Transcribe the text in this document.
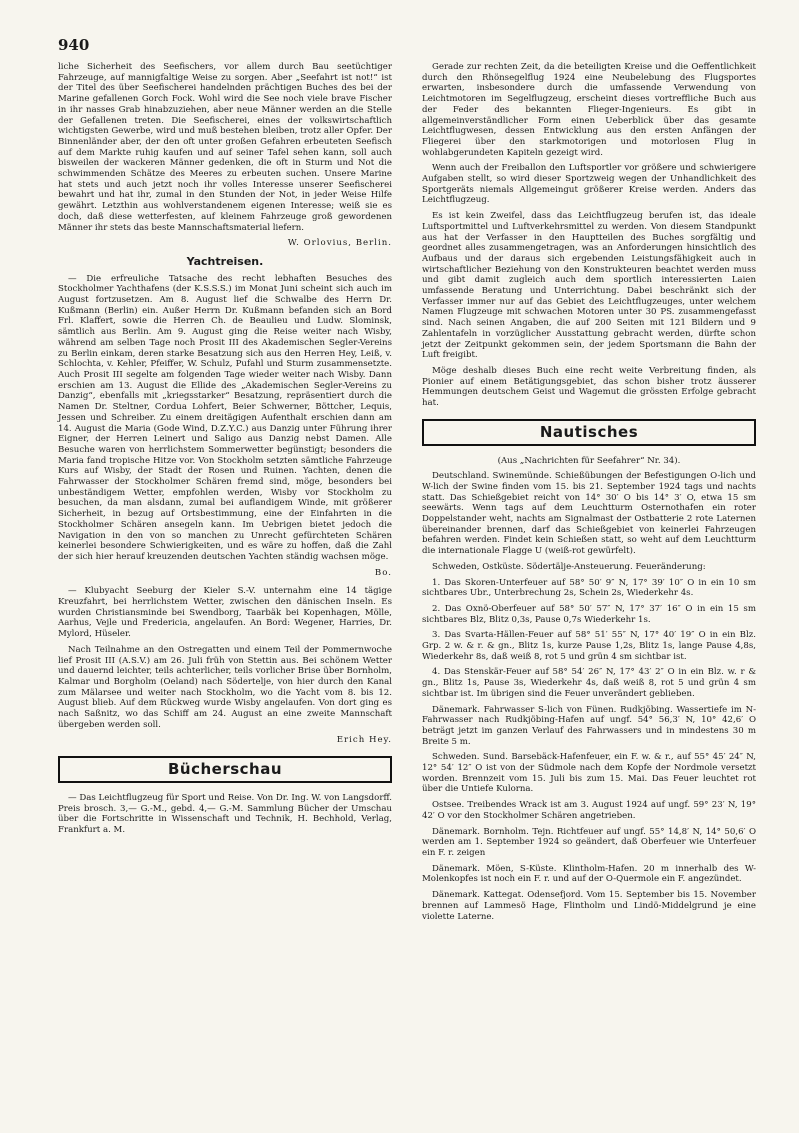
940

liche Sicherheit des Seefischers, vor allem durch Bau seetüchtiger Fahrzeuge, auf mannigfaltige Weise zu sorgen. Aber „Seefahrt ist not!“ ist der Titel des über Seefischerei handelnden prächtigen Buches des bei der Marine gefallenen Gorch Fock. Wohl wird die See noch viele brave Fischer in ihr nasses Grab hinabzuziehen, aber neue Männer werden an die Stelle der Gefallenen treten. Die Seefischerei, eines der volkswirtschaftlich wichtigsten Gewerbe, wird und muß bestehen bleiben, trotz aller Opfer. Der Binnenländer aber, der den oft unter großen Gefahren erbeuteten Seefisch auf dem Markte ruhig kaufen und auf seiner Tafel sehen kann, soll auch bisweilen der wackeren Männer gedenken, die oft in Sturm und Not die schwimmenden Schätze des Meeres zu erbeuten suchen. Unsere Marine hat stets und auch jetzt noch ihr volles Interesse unserer Seefischerei bewahrt und hat ihr, zumal in den Stunden der Not, in jeder Weise Hilfe gewährt. Letzthin aus wohlverstandenem eigenen Interesse; weiß sie es doch, daß diese wetterfesten, auf kleinem Fahrzeuge groß gewordenen Männer ihr stets das beste Mannschaftsmaterial liefern.

W. Orlovius, Berlin.

Yachtreisen.

— Die erfreuliche Tatsache des recht lebhaften Besuches des Stockholmer Yachthafens (der K.S.S.S.) im Monat Juni scheint sich auch im August fortzusetzen. Am 8. August lief die Schwalbe des Herrn Dr. Kußmann (Berlin) ein. Außer Herrn Dr. Kußmann befanden sich an Bord Frl. Klaffert, sowie die Herren Ch. de Beaulieu und Ludw. Slominsk, sämtlich aus Berlin. Am 9. August ging die Reise weiter nach Wisby, während am selben Tage noch Prosit III des Akademischen Segler-Vereins zu Berlin einkam, deren starke Besatzung sich aus den Herren Hey, Leiß, v. Schlochta, v. Kehler, Pfeiffer, W. Schulz, Pufahl und Sturm zusammensetzte. Auch Prosit III segelte am folgenden Tage wieder weiter nach Wisby. Dann erschien am 13. August die Ellide des „Akademischen Segler-Vereins zu Danzig“, ebenfalls mit „kriegsstarker“ Besatzung, repräsentiert durch die Namen Dr. Steltner, Cordua Lohfert, Beier Schwerner, Böttcher, Lequis, Jessen und Schreiber. Zu einem dreitägigen Aufenthalt erschien dann am 14. August die Maria (Gode Wind, D.Z.Y.C.) aus Danzig unter Führung ihrer Eigner, der Herren Leinert und Saligo aus Danzig nebst Damen. Alle Besuche waren von herrlichstem Sommerwetter begünstigt; besonders die Maria fand tropische Hitze vor. Von Stockholm setzten sämtliche Fahrzeuge Kurs auf Wisby, der Stadt der Rosen und Ruinen. Yachten, denen die Fahrwasser der Stockholmer Schären fremd sind, möge, besonders bei unbeständigem Wetter, empfohlen werden, Wisby vor Stockholm zu besuchen, da man alsdann, zumal bei auflandigem Winde, mit größerer Sicherheit, in bezug auf Ortsbestimmung, eine der Einfahrten in die Stockholmer Schären ansegeln kann. Im Uebrigen bietet jedoch die Navigation in den von so manchen zu Unrecht gefürchteten Schären keinerlei besondere Schwierigkeiten, und es wäre zu hoffen, daß die Zahl der sich hier herauf kreuzenden deutschen Yachten ständig wachsen möge.

Bo.

— Klubyacht Seeburg der Kieler S.-V. unternahm eine 14 tägige Kreuzfahrt, bei herrlichstem Wetter, zwischen den dänischen Inseln. Es wurden Christiansminde bei Swendborg, Taarbäk bei Kopenhagen, Mölle, Aarhus, Vejle und Fredericia, angelaufen. An Bord: Wegener, Harries, Dr. Mylord, Hüseler.

Nach Teilnahme an den Ostregatten und einem Teil der Pommernwoche lief Prosit III (A.S.V.) am 26. Juli früh von Stettin aus. Bei schönem Wetter und dauernd leichter, teils achterlicher, teils vorlicher Brise über Bornholm, Kalmar und Borgholm (Oeland) nach Södertelje, von hier durch den Kanal zum Mälarsee und weiter nach Stockholm, wo die Yacht vom 8. bis 12. August blieb. Auf dem Rückweg wurde Wisby angelaufen. Von dort ging es nach Saßnitz, wo das Schiff am 24. August an eine zweite Mannschaft übergeben werden soll.

Erich Hey.

Bücherschau

— Das Leichtflugzeug für Sport und Reise. Von Dr. Ing. W. von Langsdorff. Preis brosch. 3,— G.-M., gebd. 4,— G.-M. Sammlung Bücher der Umschau über die Fortschritte in Wissenschaft und Technik, H. Bechhold, Verlag, Frankfurt a. M.

Gerade zur rechten Zeit, da die beteiligten Kreise und die Oeffentlichkeit durch den Rhönsegelflug 1924 eine Neubelebung des Flugsportes erwarten, insbesondere durch die umfassende Verwendung von Leichtmotoren im Segelflugzeug, erscheint dieses vortreffliche Buch aus der Feder des bekannten Flieger-Ingenieurs. Es gibt in allgemeinverständlicher Form einen Ueberblick über das gesamte Leichtflugwesen, dessen Entwicklung aus den ersten Anfängen der Fliegerei über den starkmotorigen und motorlosen Flug in wohlabgerundeten Kapiteln gezeigt wird.

Wenn auch der Freiballon den Luftsportler vor größere und schwierigere Aufgaben stellt, so wird dieser Sportzweig wegen der Unhandlichkeit des Sportgeräts niemals Allgemeingut größerer Kreise werden. Anders das Leichtflugzeug.

Es ist kein Zweifel, dass das Leichtflugzeug berufen ist, das ideale Luftsportmittel und Luftverkehrsmittel zu werden. Von diesem Standpunkt aus hat der Verfasser in den Hauptteilen des Buches sorgfältig und geordnet alles zusammengetragen, was an Anforderungen hinsichtlich des Aufbaus und der daraus sich ergebenden Leistungsfähigkeit auch in wirtschaftlicher Beziehung von den Konstrukteuren beachtet werden muss und gibt damit zugleich auch dem sportlich interessierten Laien umfassende Beratung und Unterrichtung. Dabei beschränkt sich der Verfasser immer nur auf das Gebiet des Leichtflugzeuges, unter welchem Namen Flugzeuge mit schwachen Motoren unter 30 PS. zusammengefasst sind. Nach seinen Angaben, die auf 200 Seiten mit 121 Bildern und 9 Zahlentafeln in vorzüglicher Ausstattung gebracht werden, dürfte schon jetzt der Zeitpunkt gekommen sein, der jedem Sportsmann die Bahn der Luft freigibt.

Möge deshalb dieses Buch eine recht weite Verbreitung finden, als Pionier auf einem Betätigungsgebiet, das schon bisher trotz äusserer Hemmungen deutschem Geist und Wagemut die grössten Erfolge gebracht hat.

Nautisches

(Aus „Nachrichten für Seefahrer“ Nr. 34).

Deutschland. Swinemünde. Schießübungen der Befestigungen O-lich und W-lich der Swine finden vom 15. bis 21. September 1924 tags und nachts statt. Das Schießgebiet reicht von 14° 30′ O bis 14° 3′ O, etwa 15 sm seewärts. Wenn tags auf dem Leuchtturm Osternothafen ein roter Doppelstander weht, nachts am Signalmast der Ostbatterie 2 rote Laternen übereinander brennen, darf das Schießgebiet von keinerlei Fahrzeugen befahren werden. Findet kein Schießen statt, so weht auf dem Leuchtturm die internationale Flagge U (weiß-rot gewürfelt).

Schweden, Ostküste. Södertälje-Ansteuerung. Feueränderung:

1. Das Skoren-Unterfeuer auf 58° 50′ 9″ N, 17° 39′ 10″ O in ein 10 sm sichtbares Ubr., Unterbrechung 2s, Schein 2s, Wiederkehr 4s.

2. Das Oxnö-Oberfeuer auf 58° 50′ 57″ N, 17° 37′ 16″ O in ein 15 sm sichtbares Blz, Blitz 0,3s, Pause 0,7s Wiederkehr 1s.

3. Das Svarta-Hällen-Feuer auf 58° 51′ 55″ N, 17° 40′ 19″ O in ein Blz. Grp. 2 w. & r. & gn., Blitz 1s, kurze Pause 1,2s, Blitz 1s, lange Pause 4,8s, Wiederkehr 8s, daß weiß 8, rot 5 und grün 4 sm sichtbar ist.

4. Das Stenskär-Feuer auf 58° 54′ 26″ N, 17° 43′ 2″ O in ein Blz. w. r & gn., Blitz 1s, Pause 3s, Wiederkehr 4s, daß weiß 8, rot 5 und grün 4 sm sichtbar ist. Im übrigen sind die Feuer unverändert geblieben.

Dänemark. Fahrwasser S-lich von Fünen. Rudkjöbing. Wassertiefe im N-Fahrwasser nach Rudkjöbing-Hafen auf ungf. 54° 56,3′ N, 10° 42,6′ O beträgt jetzt im ganzen Verlauf des Fahrwassers und in mindestens 30 m Breite 5 m.

Schweden. Sund. Barsebäck-Hafenfeuer, ein F. w. & r., auf 55° 45′ 24″ N, 12° 54′ 12″ O ist von der Südmole nach dem Kopfe der Nordmole versetzt worden. Brennzeit vom 15. Juli bis zum 15. Mai. Das Feuer leuchtet rot über die Untiefe Kulorna.

Ostsee. Treibendes Wrack ist am 3. August 1924 auf ungf. 59° 23′ N, 19° 42′ O vor den Stockholmer Schären angetrieben.

Dänemark. Bornholm. Tejn. Richtfeuer auf ungf. 55° 14,8′ N, 14° 50,6′ O werden am 1. September 1924 so geändert, daß Oberfeuer wie Unterfeuer ein F. r. zeigen

Dänemark. Möen, S-Küste. Klintholm-Hafen. 20 m innerhalb des W-Molenkopfes ist noch ein F. r. und auf der O-Quermole ein F. angezündet.

Dänemark. Kattegat. Odensefjord. Vom 15. September bis 15. November brennen auf Lammesö Hage, Flintholm und Lindö-Middelgrund je eine violette Laterne.
